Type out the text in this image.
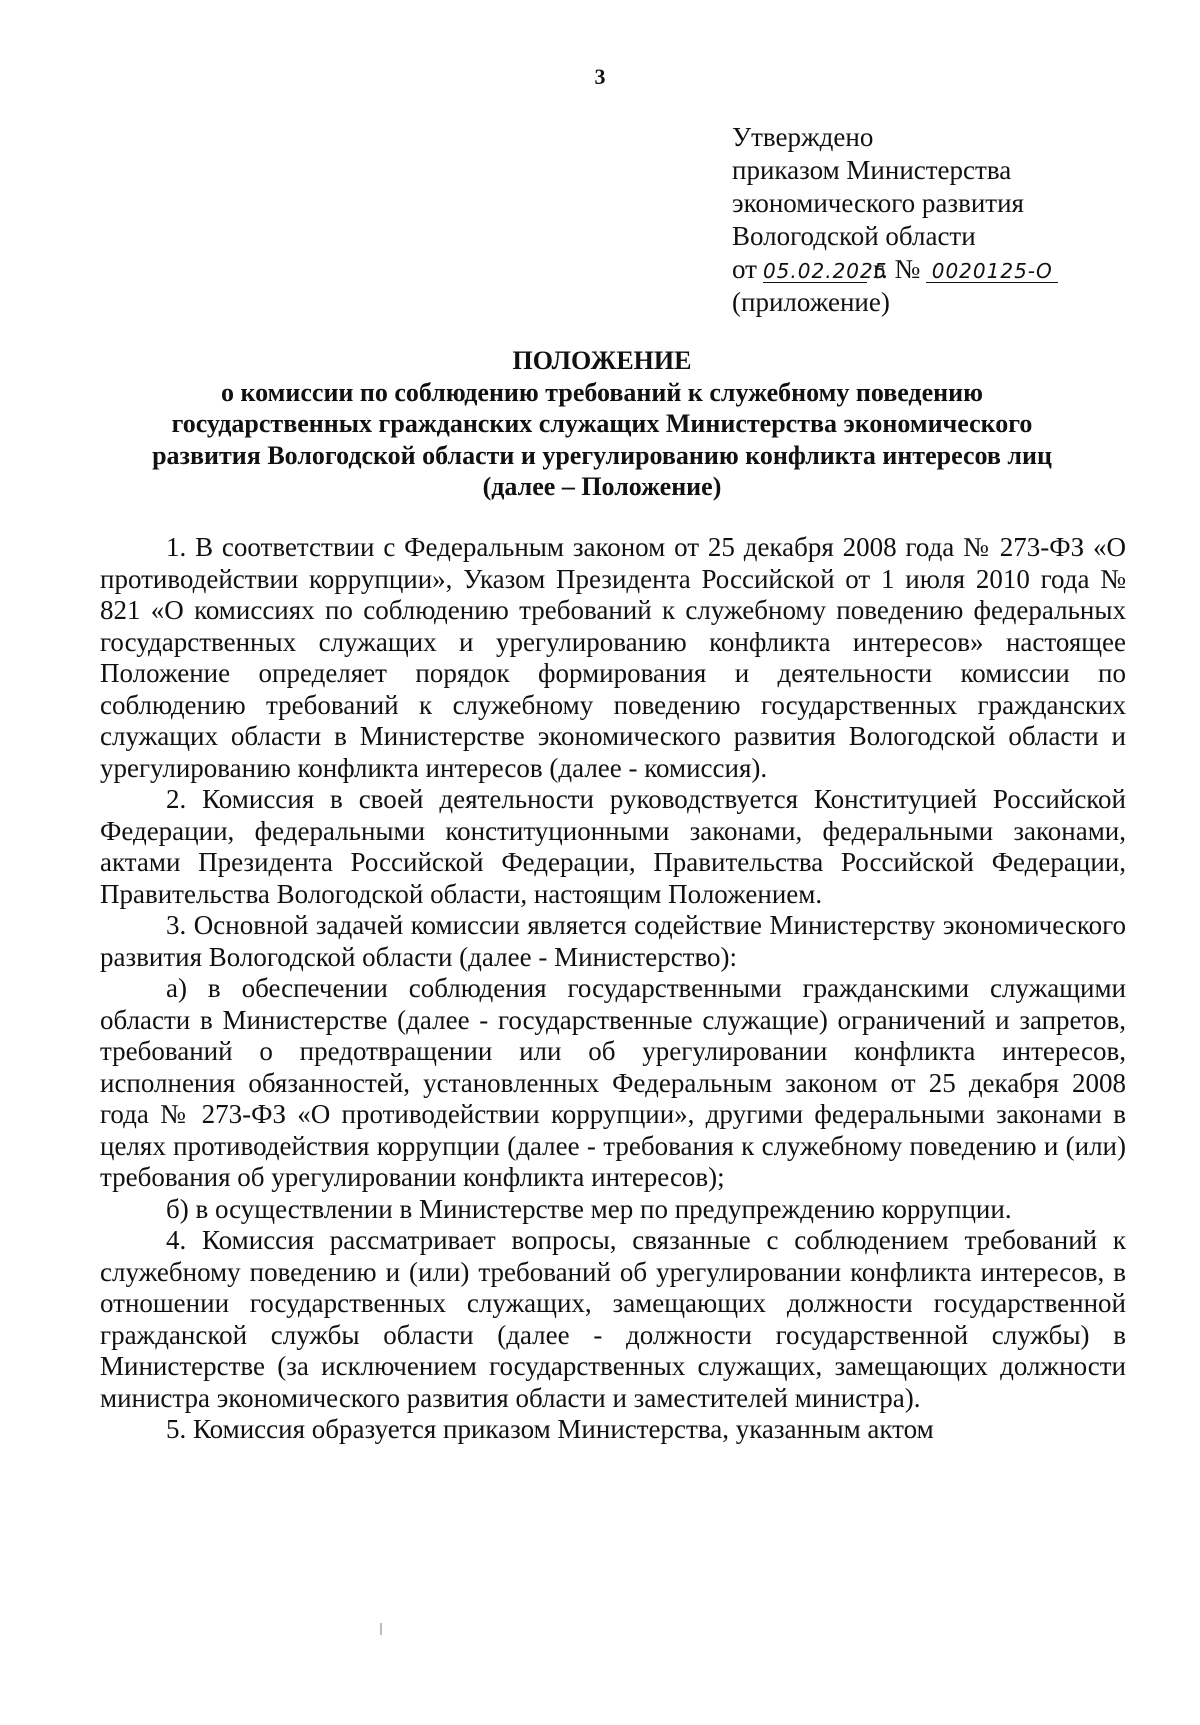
3
Утверждено
приказом Министерства
экономического развития
Вологодской области
от 05.02.2025г. № 0020125-О
(приложение)
ПОЛОЖЕНИЕ
о комиссии по соблюдению требований к служебному поведению
государственных гражданских служащих Министерства экономического
развития Вологодской области и урегулированию конфликта интересов лиц
(далее – Положение)

1. В соответствии с Федеральным законом от 25 декабря 2008 года № 273-ФЗ «О противодействии коррупции», Указом Президента Российской от 1 июля 2010 года № 821 «О комиссиях по соблюдению требований к служебному поведению федеральных государственных служащих и урегулированию конфликта интересов» настоящее Положение определяет порядок формирования и деятельности комиссии по соблюдению требований к служебному поведению государственных гражданских служащих области в Министерстве экономического развития Вологодской области и урегулированию конфликта интересов (далее - комиссия).

2. Комиссия в своей деятельности руководствуется Конституцией Российской Федерации, федеральными конституционными законами, федеральными законами, актами Президента Российской Федерации, Правительства Российской Федерации, Правительства Вологодской области, настоящим Положением.

3. Основной задачей комиссии является содействие Министерству экономического развития Вологодской области (далее - Министерство):

а) в обеспечении соблюдения государственными гражданскими служащими области в Министерстве (далее - государственные служащие) ограничений и запретов, требований о предотвращении или об урегулировании конфликта интересов, исполнения обязанностей, установленных Федеральным законом от 25 декабря 2008 года № 273-ФЗ «О противодействии коррупции», другими федеральными законами в целях противодействия коррупции (далее - требования к служебному поведению и (или) требования об урегулировании конфликта интересов);

б) в осуществлении в Министерстве мер по предупреждению коррупции.

4. Комиссия рассматривает вопросы, связанные с соблюдением требований к служебному поведению и (или) требований об урегулировании конфликта интересов, в отношении государственных служащих, замещающих должности государственной гражданской службы области (далее - должности государственной службы) в Министерстве (за исключением государственных служащих, замещающих должности министра экономического развития области и заместителей министра).

5. Комиссия образуется приказом Министерства, указанным актом
